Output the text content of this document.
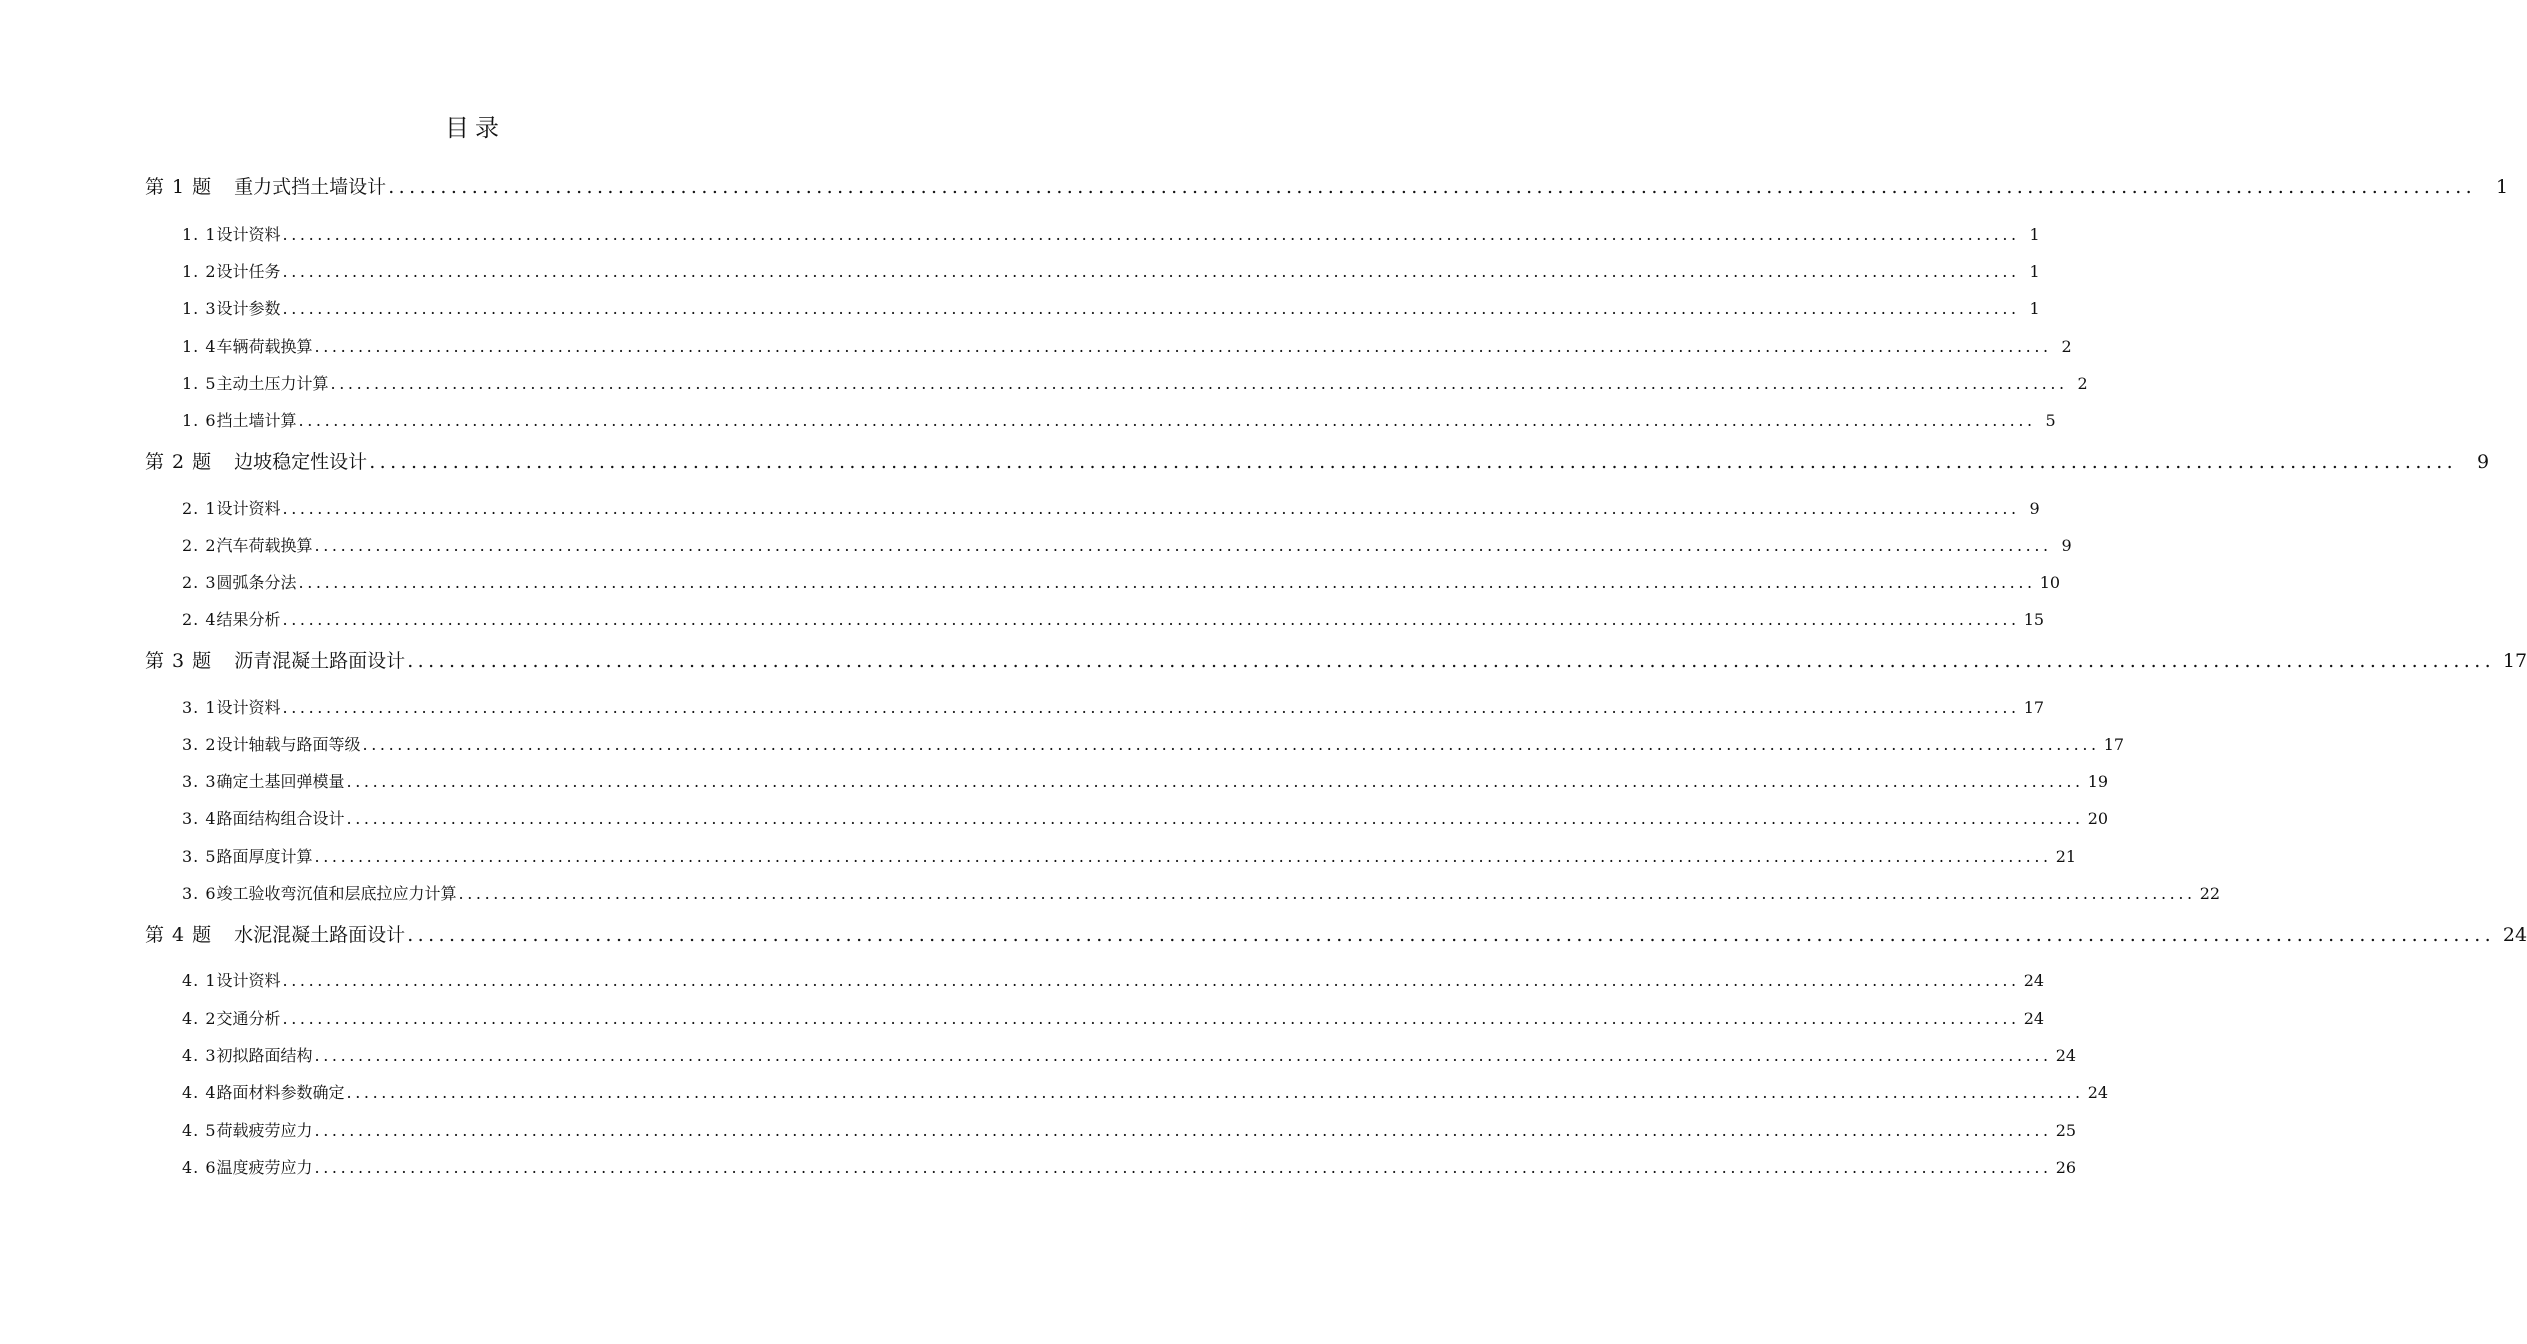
目录
第 1 题 重力式挡土墙设计 ........................................................................................................................................................................................................	1
1. 1设计资料 ........................................................................................................................................................................................................ 1
1. 2设计任务 ........................................................................................................................................................................................................ 1
1. 3设计参数 ........................................................................................................................................................................................................ 1
1. 4车辆荷载换算 ........................................................................................................................................................................................................ 2
1. 5主动土压力计算 ........................................................................................................................................................................................................ 2
1. 6挡土墙计算 ........................................................................................................................................................................................................ 5
第 2 题 边坡稳定性设计 ........................................................................................................................................................................................................	9
2. 1设计资料 ........................................................................................................................................................................................................ 9
2. 2汽车荷载换算 ........................................................................................................................................................................................................ 9
2. 3圆弧条分法 ........................................................................................................................................................................................................ 10
2. 4结果分析 ........................................................................................................................................................................................................ 15
第 3 题 沥青混凝土路面设计 ........................................................................................................................................................................................................ 17
3. 1设计资料 ........................................................................................................................................................................................................ 17
3. 2设计轴载与路面等级 ........................................................................................................................................................................................................ 17
3. 3确定土基回弹模量 ........................................................................................................................................................................................................ 19
3. 4路面结构组合设计 ........................................................................................................................................................................................................ 20
3. 5路面厚度计算 ........................................................................................................................................................................................................ 21
3. 6竣工验收弯沉值和层底拉应力计算 ........................................................................................................................................................................................................ 22
第 4 题 水泥混凝土路面设计 ........................................................................................................................................................................................................ 24
4. 1设计资料 ........................................................................................................................................................................................................ 24
4. 2交通分析 ........................................................................................................................................................................................................ 24
4. 3初拟路面结构 ........................................................................................................................................................................................................ 24
4. 4路面材料参数确定 ........................................................................................................................................................................................................ 24
4. 5荷载疲劳应力 ........................................................................................................................................................................................................ 25
4. 6温度疲劳应力 ........................................................................................................................................................................................................ 26
